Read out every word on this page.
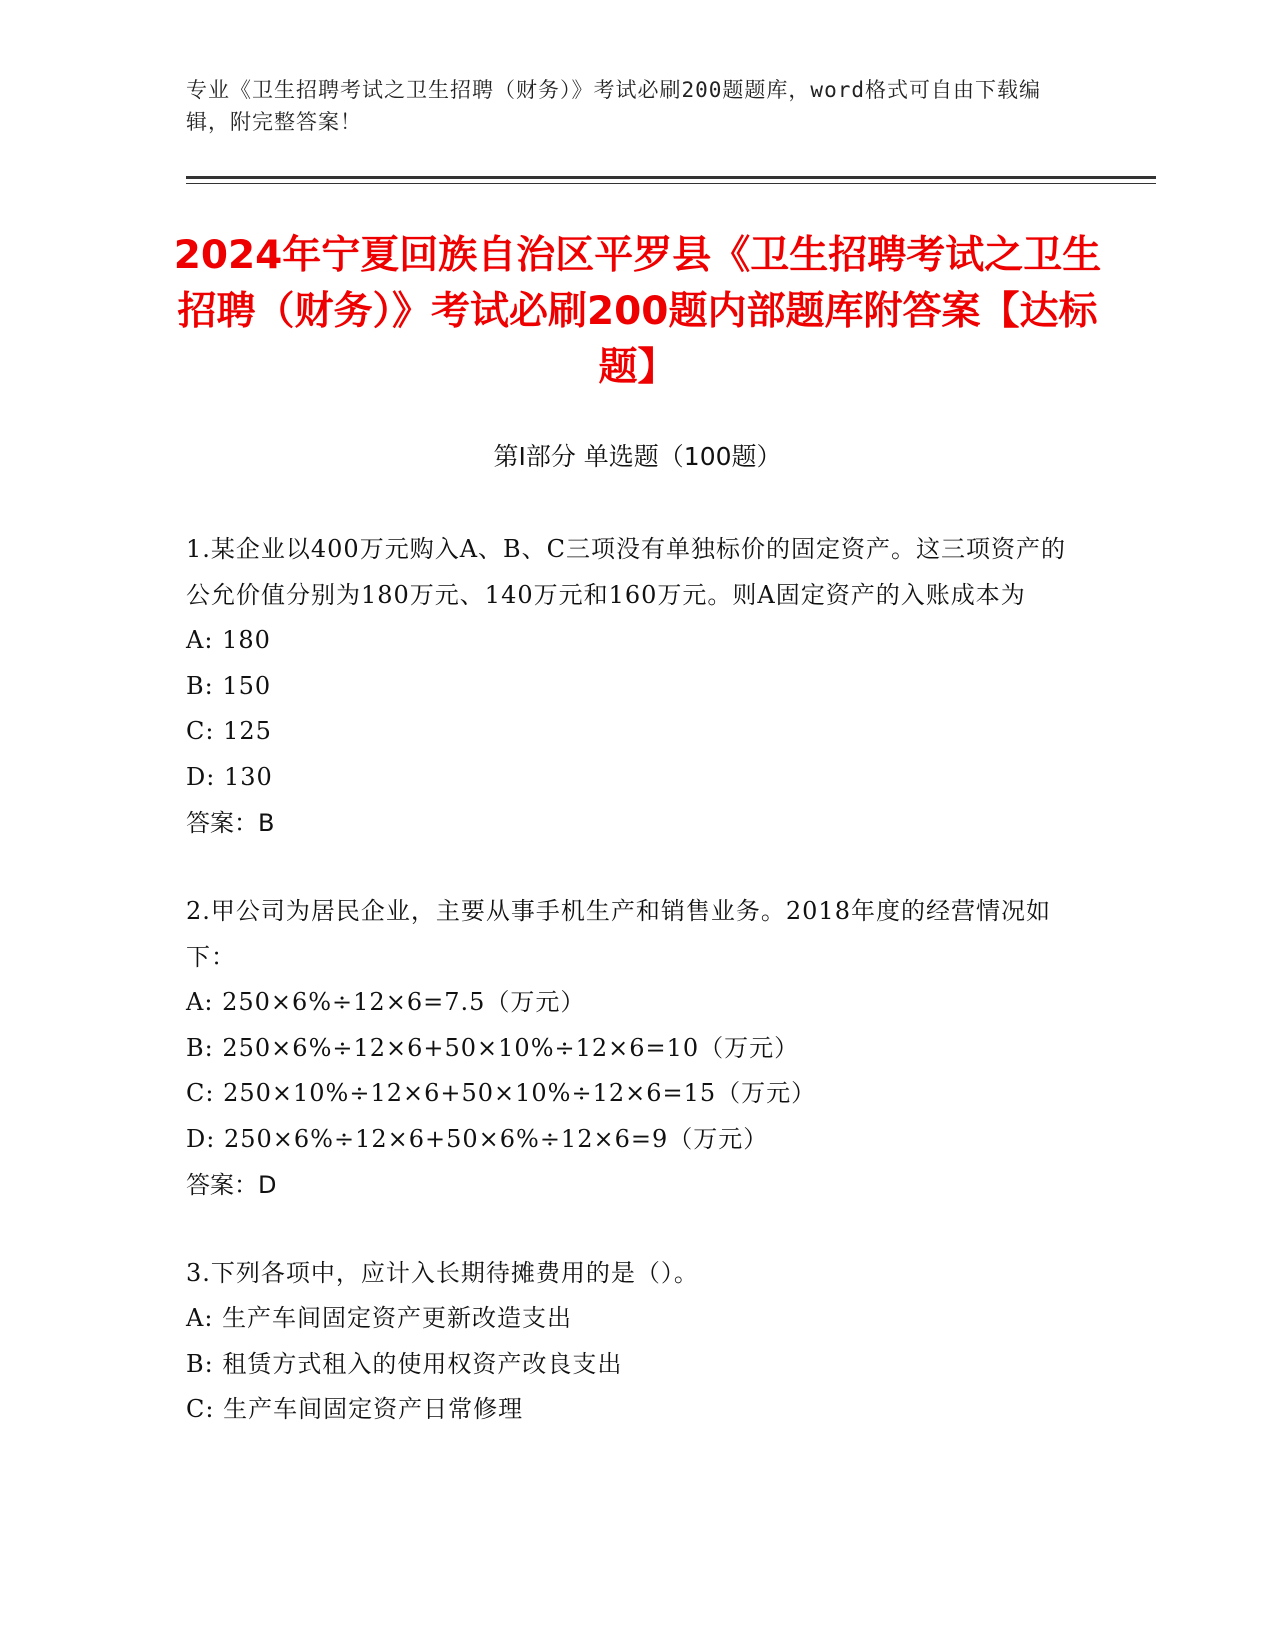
专业《卫生招聘考试之卫生招聘（财务）》考试必刷200题题库，word格式可自由下载编辑，附完整答案！
2024年宁夏回族自治区平罗县《卫生招聘考试之卫生招聘（财务）》考试必刷200题内部题库附答案【达标题】
第Ⅰ部分 单选题（100题）
1.某企业以400万元购入A、B、C三项没有单独标价的固定资产。这三项资产的公允价值分别为180万元、140万元和160万元。则A固定资产的入账成本为
A: 180
B: 150
C: 125
D: 130
答案：B
2.甲公司为居民企业，主要从事手机生产和销售业务。2018年度的经营情况如下：
A: 250×6%÷12×6=7.5（万元）
B: 250×6%÷12×6+50×10%÷12×6=10（万元）
C: 250×10%÷12×6+50×10%÷12×6=15（万元）
D: 250×6%÷12×6+50×6%÷12×6=9（万元）
答案：D
3.下列各项中，应计入长期待摊费用的是（）。
A: 生产车间固定资产更新改造支出
B: 租赁方式租入的使用权资产改良支出
C: 生产车间固定资产日常修理
